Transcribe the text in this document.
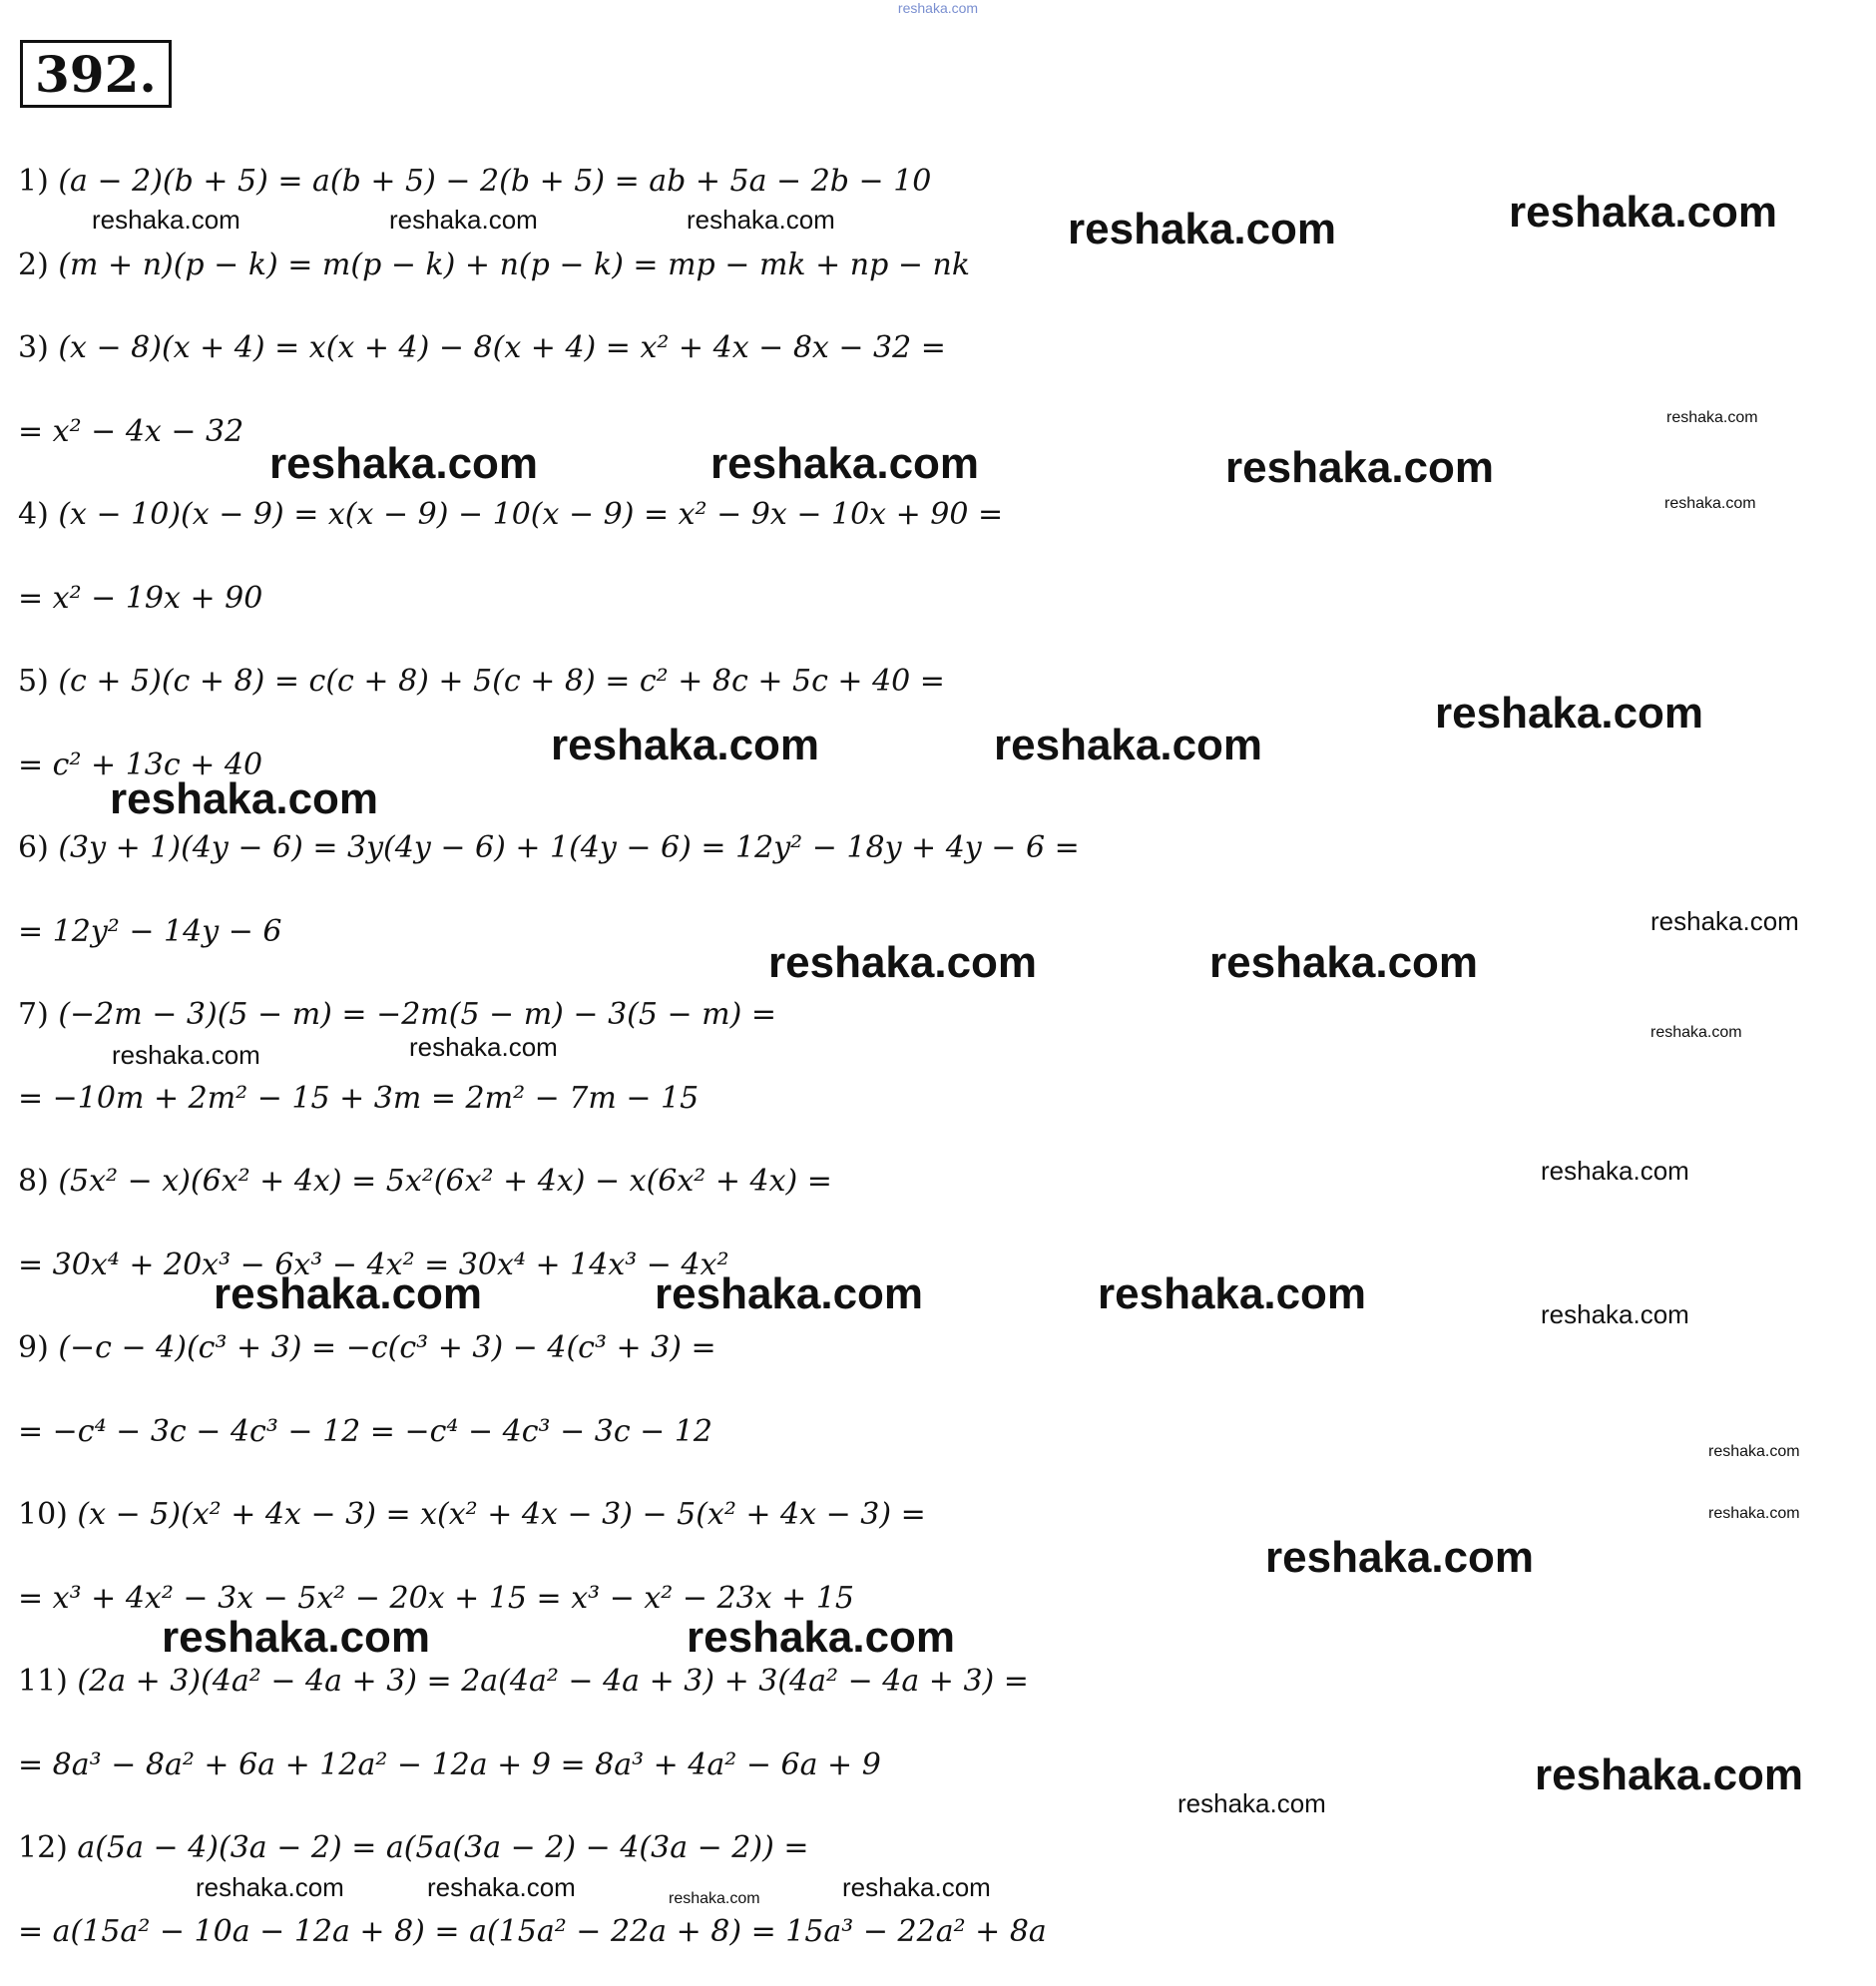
reshaka.com
392.
1) (a − 2)(b + 5) = a(b + 5) − 2(b + 5) = ab + 5a − 2b − 10
2) (m + n)(p − k) = m(p − k) + n(p − k) = mp − mk + np − nk
3) (x − 8)(x + 4) = x(x + 4) − 8(x + 4) = x² + 4x − 8x − 32 =
= x² − 4x − 32
4) (x − 10)(x − 9) = x(x − 9) − 10(x − 9) = x² − 9x − 10x + 90 =
= x² − 19x + 90
5) (c + 5)(c + 8) = c(c + 8) + 5(c + 8) = c² + 8c + 5c + 40 =
= c² + 13c + 40
6) (3y + 1)(4y − 6) = 3y(4y − 6) + 1(4y − 6) = 12y² − 18y + 4y − 6 =
= 12y² − 14y − 6
7) (−2m − 3)(5 − m) = −2m(5 − m) − 3(5 − m) =
= −10m + 2m² − 15 + 3m = 2m² − 7m − 15
8) (5x² − x)(6x² + 4x) = 5x²(6x² + 4x) − x(6x² + 4x) =
= 30x⁴ + 20x³ − 6x³ − 4x² = 30x⁴ + 14x³ − 4x²
9) (−c − 4)(c³ + 3) = −c(c³ + 3) − 4(c³ + 3) =
= −c⁴ − 3c − 4c³ − 12 = −c⁴ − 4c³ − 3c − 12
10) (x − 5)(x² + 4x − 3) = x(x² + 4x − 3) − 5(x² + 4x − 3) =
= x³ + 4x² − 3x − 5x² − 20x + 15 = x³ − x² − 23x + 15
11) (2a + 3)(4a² − 4a + 3) = 2a(4a² − 4a + 3) + 3(4a² − 4a + 3) =
= 8a³ − 8a² + 6a + 12a² − 12a + 9 = 8a³ + 4a² − 6a + 9
12) a(5a − 4)(3a − 2) = a(5a(3a − 2) − 4(3a − 2)) =
= a(15a² − 10a − 12a + 8) = a(15a² − 22a + 8) = 15a³ − 22a² + 8a
reshaka.com	reshaka.com	reshaka.com	reshaka.com	reshaka.com
reshaka.com
reshaka.com	reshaka.com	reshaka.com
reshaka.com
reshaka.com
reshaka.com	reshaka.com
reshaka.com
reshaka.com
reshaka.com	reshaka.com
reshaka.com
reshaka.com	reshaka.com
reshaka.com
reshaka.com	reshaka.com	reshaka.com	reshaka.com
reshaka.com
reshaka.com
reshaka.com
reshaka.com	reshaka.com
reshaka.com
reshaka.com
reshaka.com	reshaka.com	reshaka.com
reshaka.com
